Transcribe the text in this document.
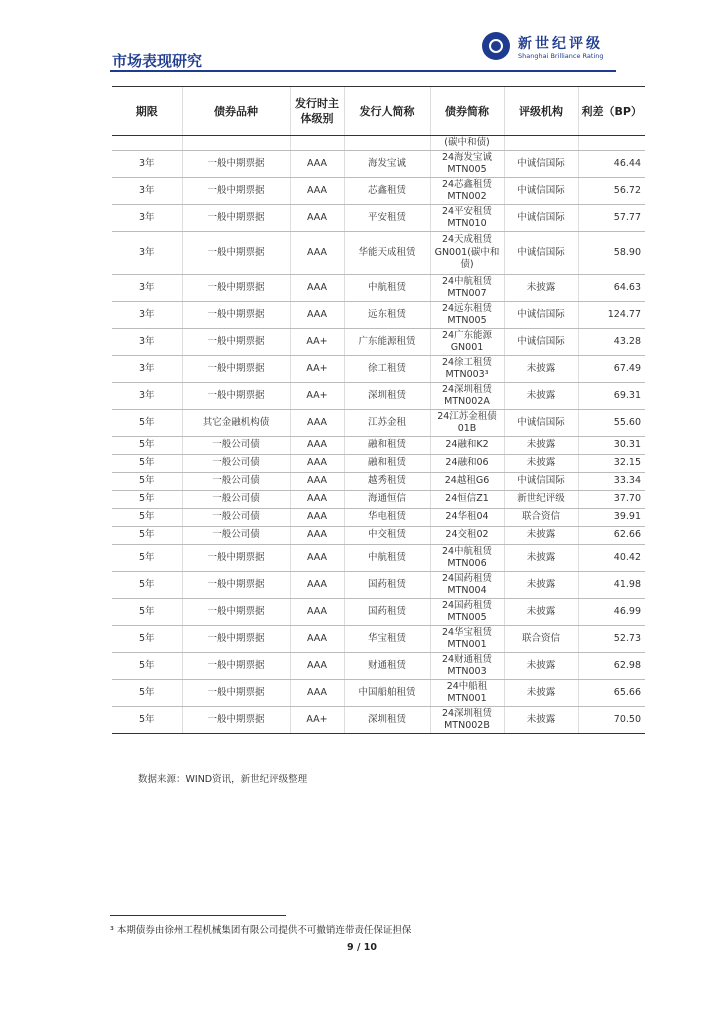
市场表现研究
新世纪评级
Shanghai Brilliance Rating
期限	债券品种	发行时主体级别	发行人简称	债券简称	评级机构	利差（BP）
				(碳中和债)		
3年	一般中期票据	AAA	海发宝诚	24海发宝诚MTN005	中诚信国际	46.44
3年	一般中期票据	AAA	芯鑫租赁	24芯鑫租赁MTN002	中诚信国际	56.72
3年	一般中期票据	AAA	平安租赁	24平安租赁MTN010	中诚信国际	57.77
3年	一般中期票据	AAA	华能天成租赁	24天成租赁GN001(碳中和债)	中诚信国际	58.90
3年	一般中期票据	AAA	中航租赁	24中航租赁MTN007	未披露	64.63
3年	一般中期票据	AAA	远东租赁	24远东租赁MTN005	中诚信国际	124.77
3年	一般中期票据	AA+	广东能源租赁	24广东能源GN001	中诚信国际	43.28
3年	一般中期票据	AA+	徐工租赁	24徐工租赁MTN003³	未披露	67.49
3年	一般中期票据	AA+	深圳租赁	24深圳租赁MTN002A	未披露	69.31
5年	其它金融机构债	AAA	江苏金租	24江苏金租债01B	中诚信国际	55.60
5年	一般公司债	AAA	融和租赁	24融和K2	未披露	30.31
5年	一般公司债	AAA	融和租赁	24融和06	未披露	32.15
5年	一般公司债	AAA	越秀租赁	24越租G6	中诚信国际	33.34
5年	一般公司债	AAA	海通恒信	24恒信Z1	新世纪评级	37.70
5年	一般公司债	AAA	华电租赁	24华租04	联合资信	39.91
5年	一般公司债	AAA	中交租赁	24交租02	未披露	62.66
5年	一般中期票据	AAA	中航租赁	24中航租赁MTN006	未披露	40.42
5年	一般中期票据	AAA	国药租赁	24国药租赁MTN004	未披露	41.98
5年	一般中期票据	AAA	国药租赁	24国药租赁MTN005	未披露	46.99
5年	一般中期票据	AAA	华宝租赁	24华宝租赁MTN001	联合资信	52.73
5年	一般中期票据	AAA	财通租赁	24财通租赁MTN003	未披露	62.98
5年	一般中期票据	AAA	中国船舶租赁	24中船租MTN001	未披露	65.66
5年	一般中期票据	AA+	深圳租赁	24深圳租赁MTN002B	未披露	70.50
数据来源：WIND资讯，新世纪评级整理
³ 本期债券由徐州工程机械集团有限公司提供不可撤销连带责任保证担保
9 / 10
